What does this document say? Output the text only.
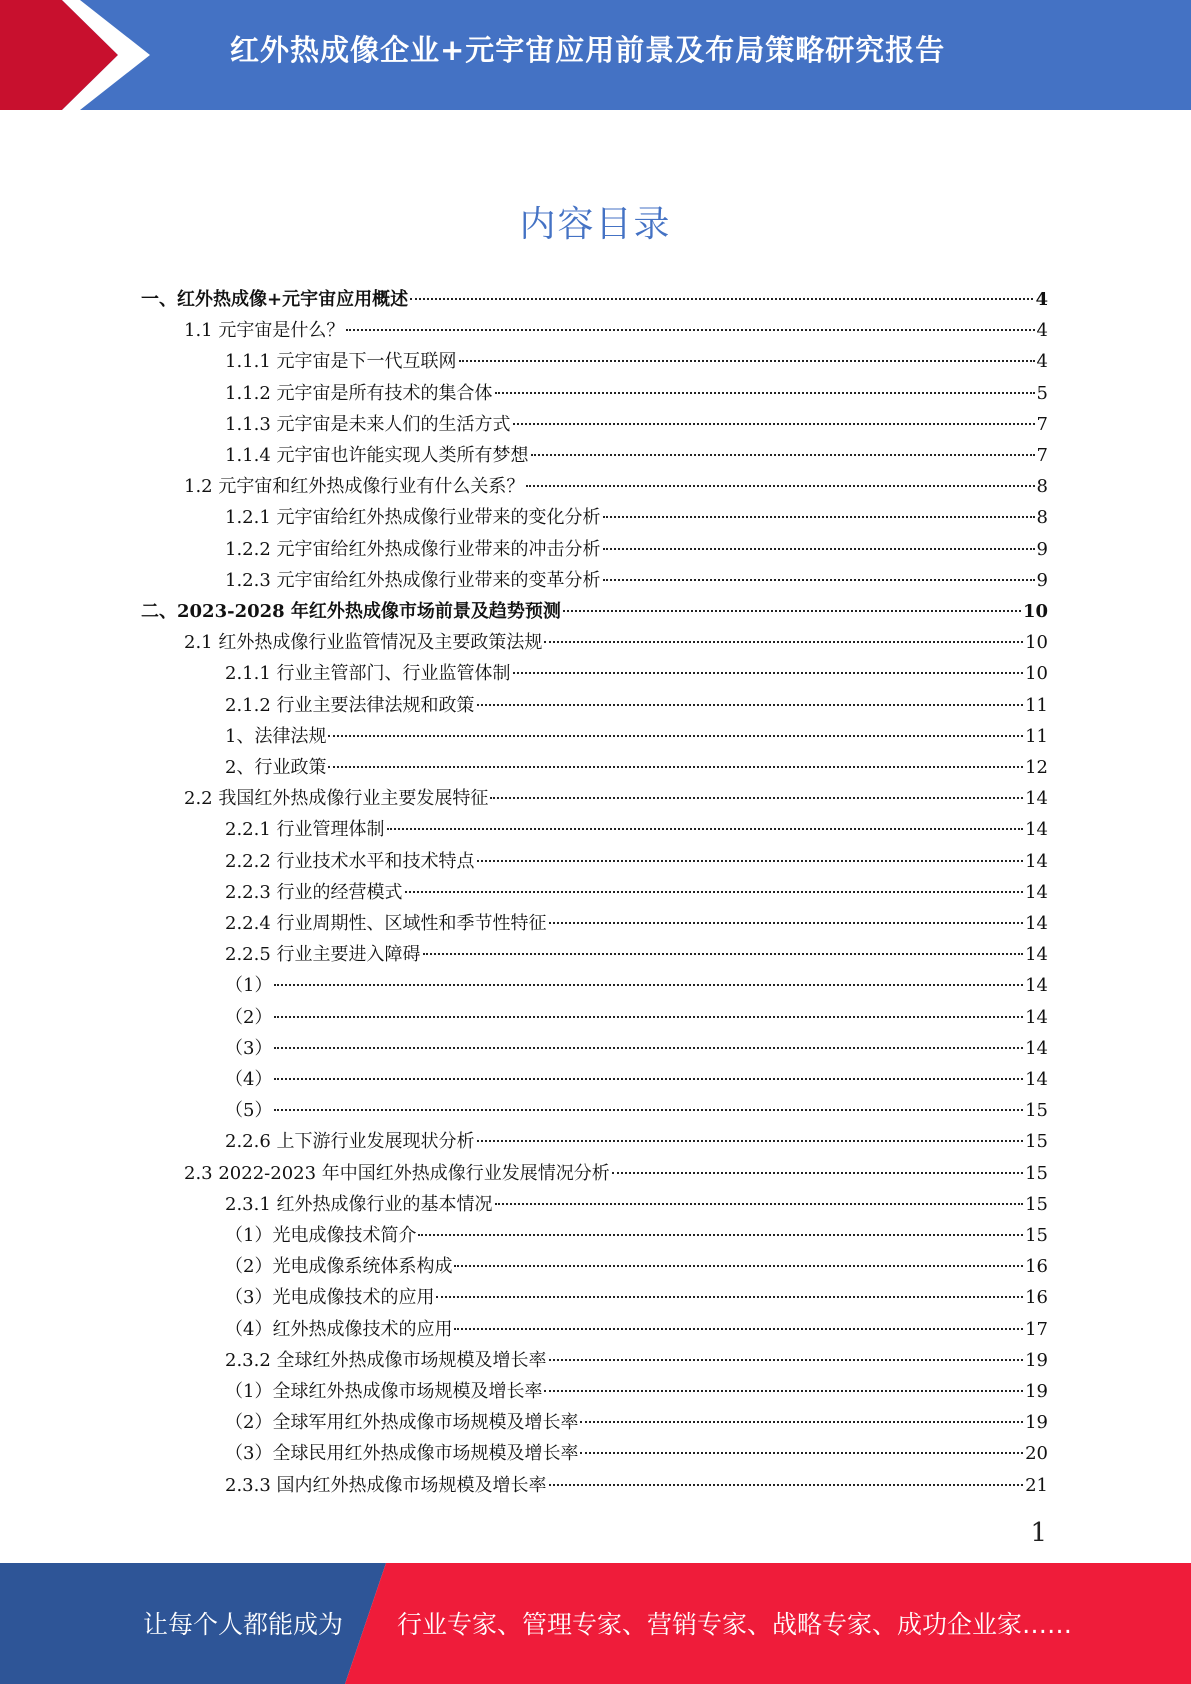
红外热成像企业+元宇宙应用前景及布局策略研究报告
内容目录
一、红外热成像+元宇宙应用概述	4
1.1 元宇宙是什么？	4
1.1.1 元宇宙是下一代互联网	4
1.1.2 元宇宙是所有技术的集合体	5
1.1.3 元宇宙是未来人们的生活方式	7
1.1.4 元宇宙也许能实现人类所有梦想	7
1.2 元宇宙和红外热成像行业有什么关系？	8
1.2.1 元宇宙给红外热成像行业带来的变化分析	8
1.2.2 元宇宙给红外热成像行业带来的冲击分析	9
1.2.3 元宇宙给红外热成像行业带来的变革分析	9
二、2023-2028 年红外热成像市场前景及趋势预测	10
2.1 红外热成像行业监管情况及主要政策法规	10
2.1.1 行业主管部门、行业监管体制	10
2.1.2 行业主要法律法规和政策	11
1、法律法规	11
2、行业政策	12
2.2 我国红外热成像行业主要发展特征	14
2.2.1 行业管理体制	14
2.2.2 行业技术水平和技术特点	14
2.2.3 行业的经营模式	14
2.2.4 行业周期性、区域性和季节性特征	14
2.2.5 行业主要进入障碍	14
（1）	14
（2）	14
（3）	14
（4）	14
（5）	15
2.2.6 上下游行业发展现状分析	15
2.3 2022-2023 年中国红外热成像行业发展情况分析	15
2.3.1 红外热成像行业的基本情况	15
（1）光电成像技术简介	15
（2）光电成像系统体系构成	16
（3）光电成像技术的应用	16
（4）红外热成像技术的应用	17
2.3.2 全球红外热成像市场规模及增长率	19
（1）全球红外热成像市场规模及增长率	19
（2）全球军用红外热成像市场规模及增长率	19
（3）全球民用红外热成像市场规模及增长率	20
2.3.3 国内红外热成像市场规模及增长率	21
1
让每个人都能成为 行业专家、管理专家、营销专家、战略专家、成功企业家……
